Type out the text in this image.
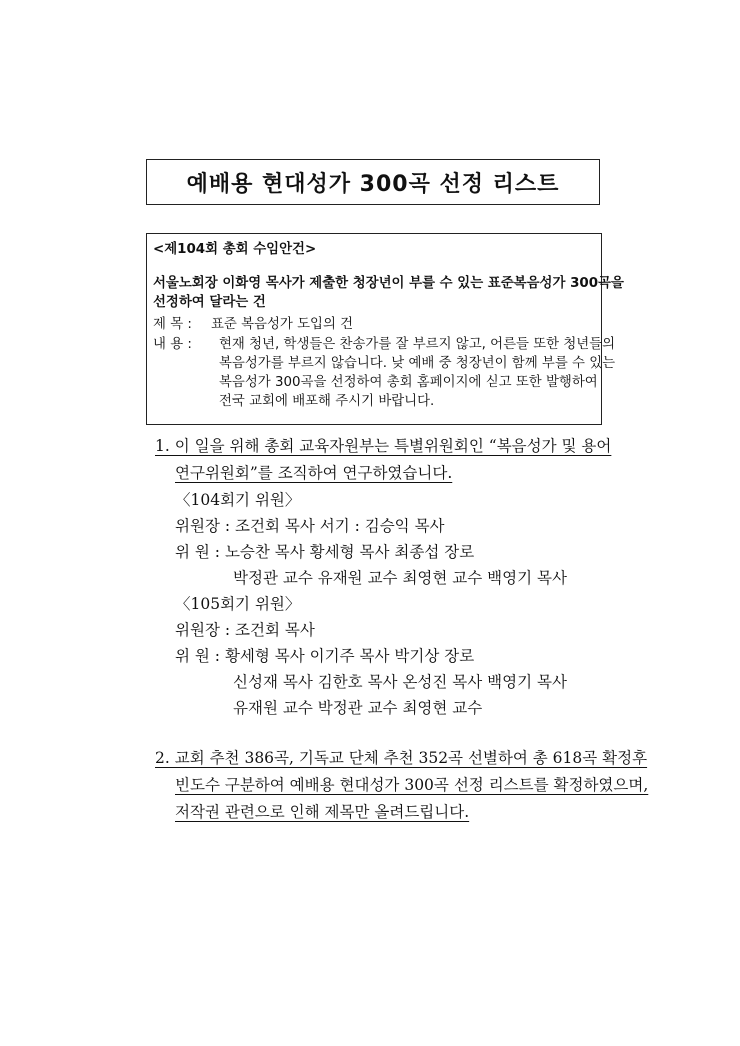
예배용 현대성가 300곡 선정 리스트
<제104회 총회 수임안건>
서울노회장 이화영 목사가 제출한 청장년이 부를 수 있는 표준복음성가 300곡을
선정하여 달라는 건
제 목 : 표준 복음성가 도입의 건
내 용 :	현재 청년, 학생들은 찬송가를 잘 부르지 않고, 어른들 또한 청년들의
복음성가를 부르지 않습니다. 낮 예배 중 청장년이 함께 부를 수 있는
복음성가 300곡을 선정하여 총회 홈페이지에 싣고 또한 발행하여
전국 교회에 배포해 주시기 바랍니다.
1. 이 일을 위해 총회 교육자원부는 특별위원회인 “복음성가 및 용어
연구위원회”를 조직하여 연구하였습니다.
〈104회기 위원〉
위원장 : 조건회 목사 서기 : 김승익 목사
위 원 : 노승찬 목사 황세형 목사 최종섭 장로
박정관 교수 유재원 교수 최영현 교수 백영기 목사
〈105회기 위원〉
위원장 : 조건회 목사
위 원 : 황세형 목사 이기주 목사 박기상 장로
신성재 목사 김한호 목사 온성진 목사 백영기 목사
유재원 교수 박정관 교수 최영현 교수
2. 교회 추천 386곡, 기독교 단체 추천 352곡 선별하여 총 618곡 확정후
빈도수 구분하여 예배용 현대성가 300곡 선정 리스트를 확정하였으며,
저작권 관련으로 인해 제목만 올려드립니다.
